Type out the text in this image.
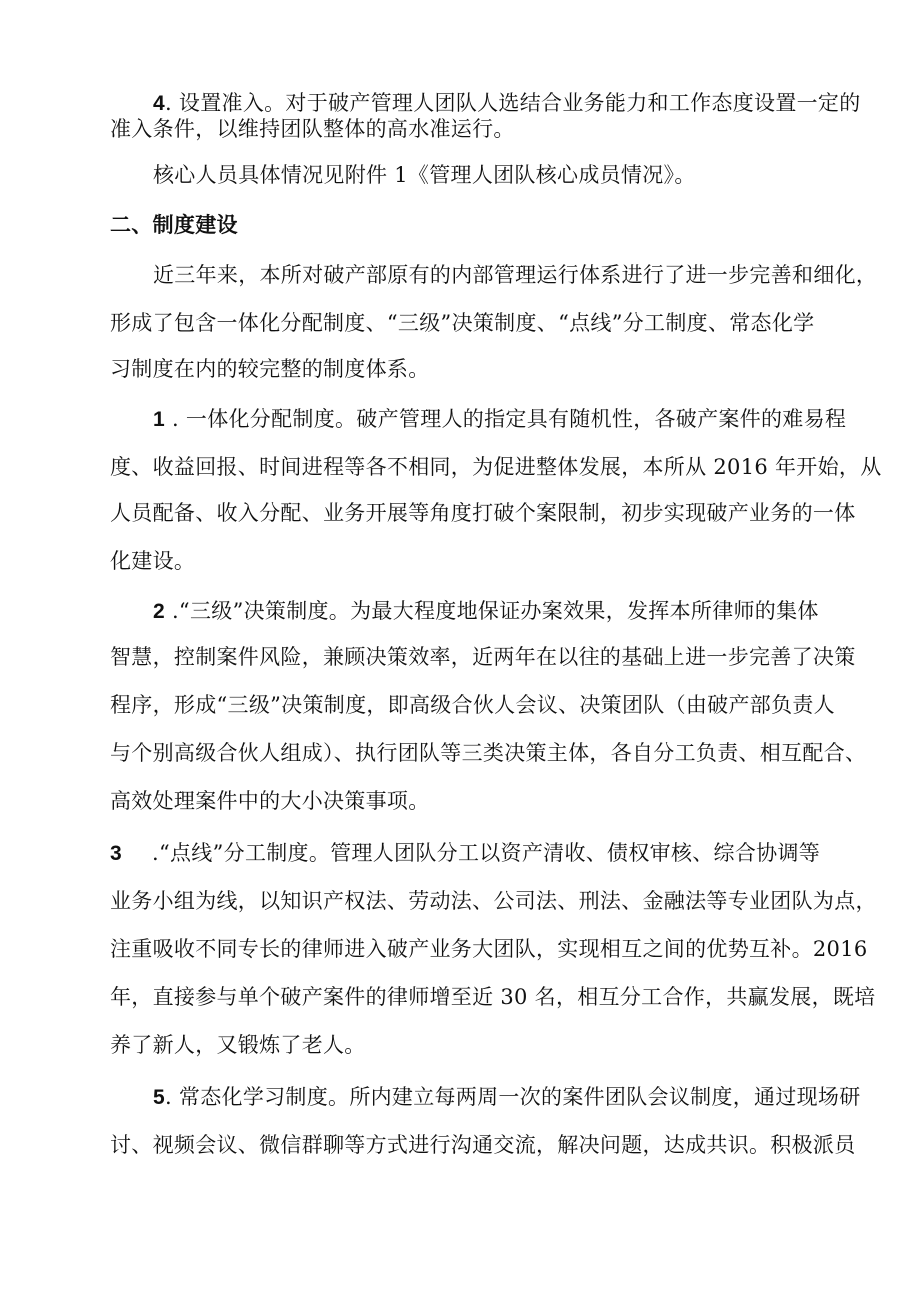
4. 设置准入。对于破产管理人团队人选结合业务能力和工作态度设置一定的
准入条件，以维持团队整体的高水准运行。
核心人员具体情况见附件 1《管理人团队核心成员情况》。
二、制度建设
近三年来，本所对破产部原有的内部管理运行体系进行了进一步完善和细化，
形成了包含一体化分配制度、“三级”决策制度、“点线”分工制度、常态化学
习制度在内的较完整的制度体系。
1 . 一体化分配制度。破产管理人的指定具有随机性，各破产案件的难易程
度、收益回报、时间进程等各不相同，为促进整体发展，本所从 2016 年开始，从
人员配备、收入分配、业务开展等角度打破个案限制，初步实现破产业务的一体
化建设。
2 .“三级”决策制度。为最大程度地保证办案效果，发挥本所律师的集体
智慧，控制案件风险，兼顾决策效率，近两年在以往的基础上进一步完善了决策
程序，形成“三级”决策制度，即高级合伙人会议、决策团队（由破产部负责人
与个别高级合伙人组成）、执行团队等三类决策主体，各自分工负责、相互配合、
高效处理案件中的大小决策事项。
3 .“点线”分工制度。管理人团队分工以资产清收、债权审核、综合协调等
业务小组为线，以知识产权法、劳动法、公司法、刑法、金融法等专业团队为点，
注重吸收不同专长的律师进入破产业务大团队，实现相互之间的优势互补。2016
年，直接参与单个破产案件的律师增至近 30 名，相互分工合作，共赢发展，既培
养了新人，又锻炼了老人。
5. 常态化学习制度。所内建立每两周一次的案件团队会议制度，通过现场研
讨、视频会议、微信群聊等方式进行沟通交流，解决问题，达成共识。积极派员
